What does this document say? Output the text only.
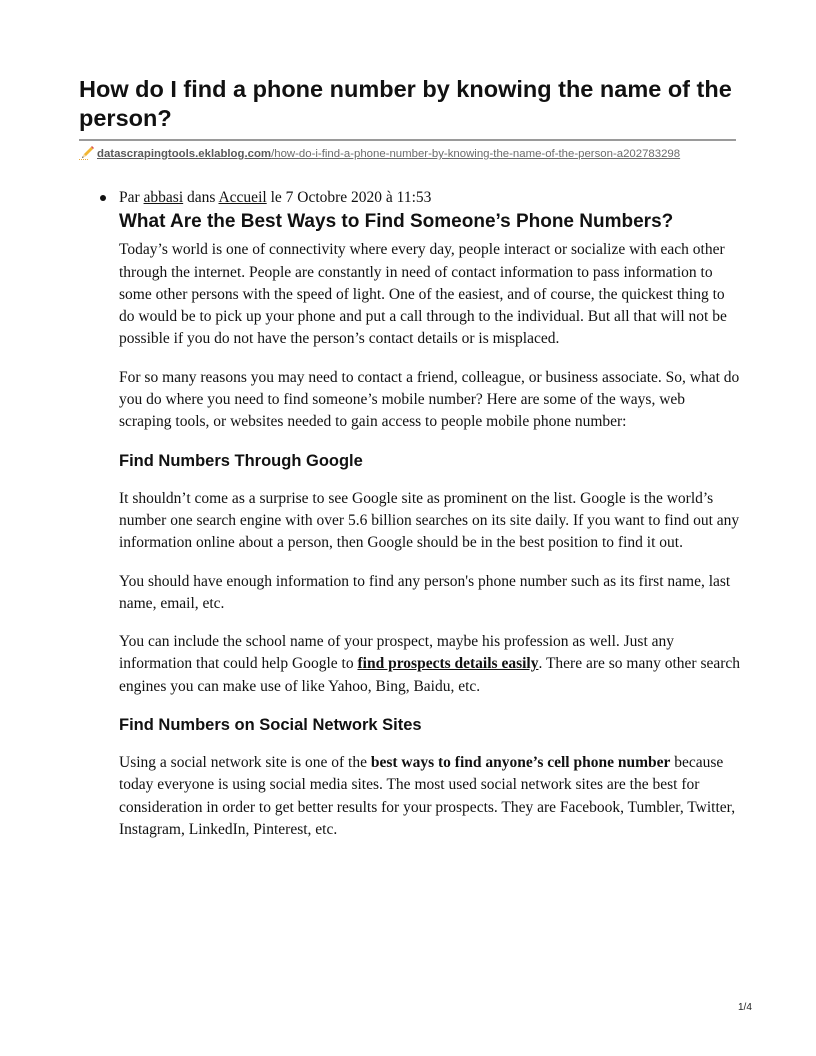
How do I find a phone number by knowing the name of the person?
datascrapingtools.eklablog.com/how-do-i-find-a-phone-number-by-knowing-the-name-of-the-person-a202783298

Par abbasi dans Accueil le 7 Octobre 2020 à 11:53

What Are the Best Ways to Find Someone’s Phone Numbers?

Today’s world is one of connectivity where every day, people interact or socialize with each other through the internet. People are constantly in need of contact information to pass information to some other persons with the speed of light. One of the easiest, and of course, the quickest thing to do would be to pick up your phone and put a call through to the individual. But all that will not be possible if you do not have the person’s contact details or is misplaced.

For so many reasons you may need to contact a friend, colleague, or business associate. So, what do you do where you need to find someone’s mobile number? Here are some of the ways, web scraping tools, or websites needed to gain access to people mobile phone number:

Find Numbers Through Google

It shouldn’t come as a surprise to see Google site as prominent on the list. Google is the world’s number one search engine with over 5.6 billion searches on its site daily. If you want to find out any information online about a person, then Google should be in the best position to find it out.

You should have enough information to find any person's phone number such as its first name, last name, email, etc.

You can include the school name of your prospect, maybe his profession as well. Just any information that could help Google to find prospects details easily. There are so many other search engines you can make use of like Yahoo, Bing, Baidu, etc.

Find Numbers on Social Network Sites

Using a social network site is one of the best ways to find anyone’s cell phone number because today everyone is using social media sites. The most used social network sites are the best for consideration in order to get better results for your prospects. They are Facebook, Tumbler, Twitter, Instagram, LinkedIn, Pinterest, etc.

1/4
